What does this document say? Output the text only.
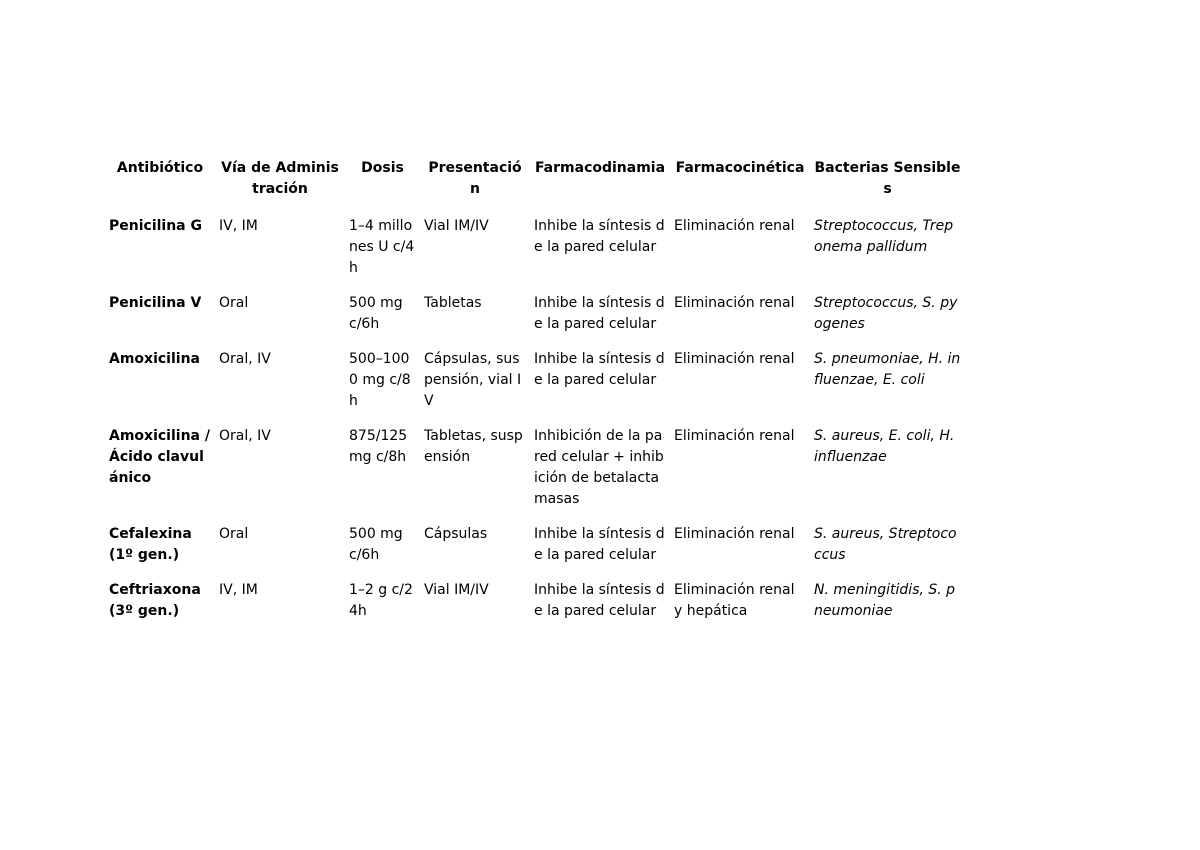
Antibiótico	Vía de Administración	Dosis	Presentación	Farmacodinamia	Farmacocinética	Bacterias Sensibles
Penicilina G	IV, IM	1–4 millones U c/4h	Vial IM/IV	Inhibe la síntesis de la pared celular	Eliminación renal	Streptococcus, Treponema pallidum
Penicilina V	Oral	500 mg c/6h	Tabletas	Inhibe la síntesis de la pared celular	Eliminación renal	Streptococcus, S. pyogenes
Amoxicilina	Oral, IV	500–1000 mg c/8h	Cápsulas, suspensión, vial IV	Inhibe la síntesis de la pared celular	Eliminación renal	S. pneumoniae, H. influenzae, E. coli
Amoxicilina /Ácido clavulánico	Oral, IV	875/125 mg c/8h	Tabletas, suspensión	Inhibición de la pared celular + inhibición de betalactamasas	Eliminación renal	S. aureus, E. coli, H. influenzae
Cefalexina (1º gen.)	Oral	500 mg c/6h	Cápsulas	Inhibe la síntesis de la pared celular	Eliminación renal	S. aureus, Streptococcus
Ceftriaxona (3º gen.)	IV, IM	1–2 g c/24h	Vial IM/IV	Inhibe la síntesis de la pared celular	Eliminación renal y hepática	N. meningitidis, S. pneumoniae
